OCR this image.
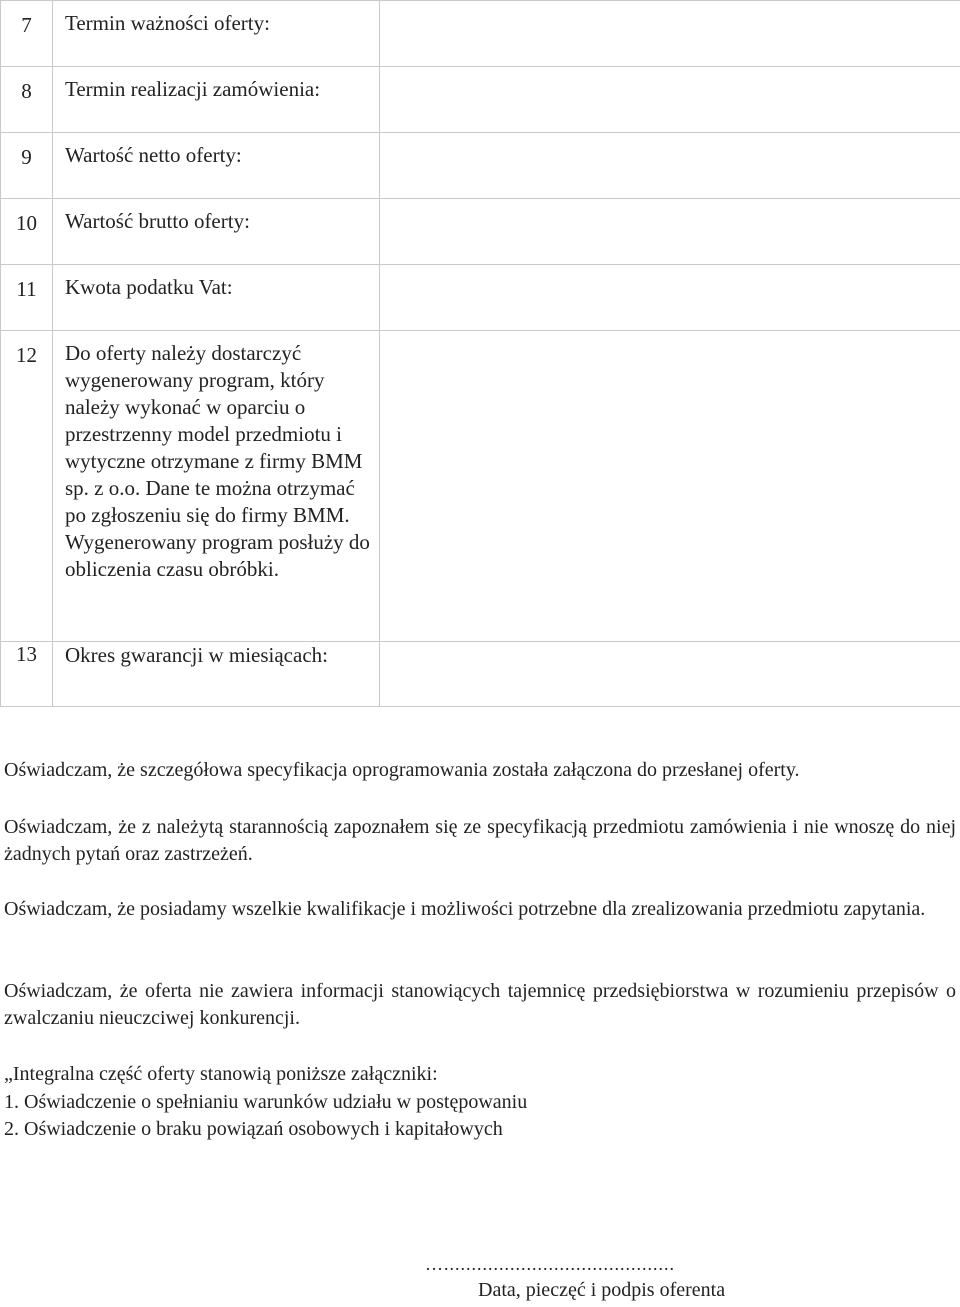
7	Termin ważności oferty:	
8	Termin realizacji zamówienia:	
9	Wartość netto oferty:	
10	Wartość brutto oferty:	
11	Kwota podatku Vat:	
12	Do oferty należy dostarczyć wygenerowany program, który należy wykonać w oparciu o przestrzenny model przedmiotu i wytyczne otrzymane z firmy BMM sp. z o.o. Dane te można otrzymać po zgłoszeniu się do firmy BMM. Wygenerowany program posłuży do obliczenia czasu obróbki.	
13	Okres gwarancji w miesiącach:	
Oświadczam, że szczegółowa specyfikacja oprogramowania została załączona do przesłanej oferty.
Oświadczam, że z należytą starannością zapoznałem się ze specyfikacją przedmiotu zamówienia i nie wnoszę do niej żadnych pytań oraz zastrzeżeń.
Oświadczam, że posiadamy wszelkie kwalifikacje i możliwości potrzebne dla zrealizowania przedmiotu zapytania.
Oświadczam, że oferta nie zawiera informacji stanowiących tajemnicę przedsiębiorstwa w rozumieniu przepisów o zwalczaniu nieuczciwej konkurencji.
„Integralna część oferty stanowią poniższe załączniki:
1. Oświadczenie o spełnianiu warunków udziału w postępowaniu
2. Oświadczenie o braku powiązań osobowych i kapitałowych
…..........................................
Data, pieczęć i podpis oferenta
